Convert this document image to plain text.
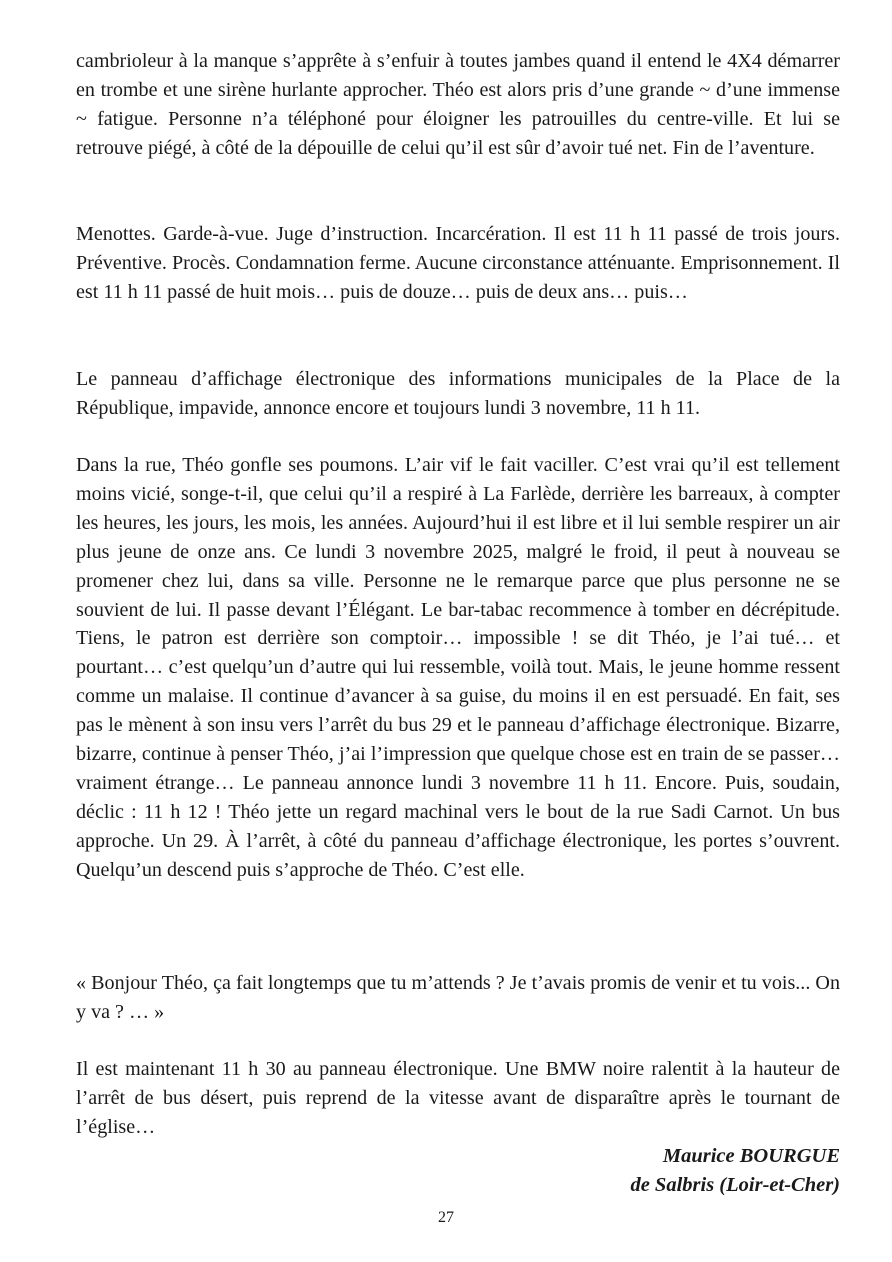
cambrioleur à la manque s’apprête à s’enfuir à toutes jambes quand il entend le 4X4 démarrer en trombe et une sirène hurlante approcher. Théo est alors pris d’une grande ~ d’une immense ~ fatigue. Personne n’a téléphoné pour éloigner les patrouilles du centre-ville. Et lui se retrouve piégé, à côté de la dépouille de celui qu’il est sûr d’avoir tué net. Fin de l’aventure.

Menottes. Garde-à-vue. Juge d’instruction. Incarcération. Il est 11 h 11 passé de trois jours. Préventive. Procès. Condamnation ferme. Aucune circonstance atténuante. Emprisonnement. Il est 11 h 11 passé de huit mois… puis de douze… puis de deux ans… puis…

Le panneau d’affichage électronique des informations municipales de la Place de la République, impavide, annonce encore et toujours lundi 3 novembre, 11 h 11.

Dans la rue, Théo gonfle ses poumons. L’air vif le fait vaciller. C’est vrai qu’il est tellement moins vicié, songe-t-il, que celui qu’il a respiré à La Farlède, derrière les barreaux, à compter les heures, les jours, les mois, les années. Aujourd’hui il est libre et il lui semble respirer un air plus jeune de onze ans. Ce lundi 3 novembre 2025, malgré le froid, il peut à nouveau se promener chez lui, dans sa ville. Personne ne le remarque parce que plus personne ne se souvient de lui. Il passe devant l’Élégant. Le bar-tabac recommence à tomber en décrépitude. Tiens, le patron est derrière son comptoir… impossible ! se dit Théo, je l’ai tué… et pourtant… c’est quelqu’un d’autre qui lui ressemble, voilà tout. Mais, le jeune homme ressent comme un malaise. Il continue d’avancer à sa guise, du moins il en est persuadé. En fait, ses pas le mènent à son insu vers l’arrêt du bus 29 et le panneau d’affichage électronique. Bizarre, bizarre, continue à penser Théo, j’ai l’impression que quelque chose est en train de se passer… vraiment étrange… Le panneau annonce lundi 3 novembre 11 h 11. Encore. Puis, soudain, déclic : 11 h 12 ! Théo jette un regard machinal vers le bout de la rue Sadi Carnot. Un bus approche. Un 29. À l’arrêt, à côté du panneau d’affichage électronique, les portes s’ouvrent. Quelqu’un descend puis s’approche de Théo. C’est elle.

« Bonjour Théo, ça fait longtemps que tu m’attends ? Je t’avais promis de venir et tu vois... On y va ? … »

Il est maintenant 11 h 30 au panneau électronique. Une BMW noire ralentit à la hauteur de l’arrêt de bus désert, puis reprend de la vitesse avant de disparaître après le tournant de l’église…

Maurice BOURGUE
de Salbris (Loir-et-Cher)

27
